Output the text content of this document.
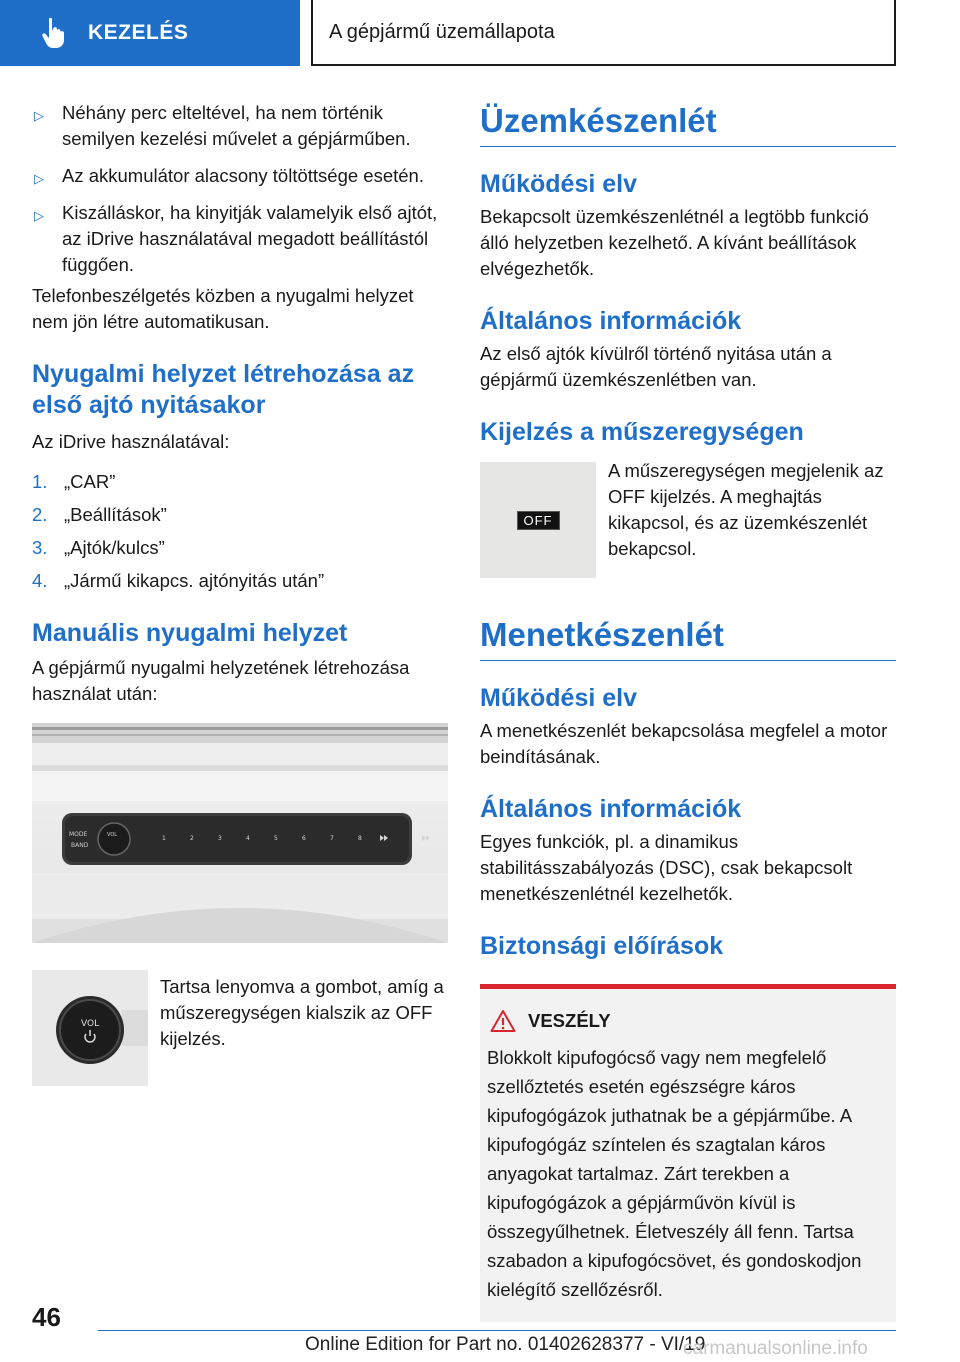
KEZELÉS	A gépjármű üzemállapota
▷ Néhány perc elteltével, ha nem történik semilyen kezelési művelet a gépjárműben.
▷ Az akkumulátor alacsony töltöttsége esetén.
▷ Kiszálláskor, ha kinyitják valamelyik első ajtót, az iDrive használatával megadott beállítástól függően.
Telefonbeszélgetés közben a nyugalmi helyzet nem jön létre automatikusan.
Nyugalmi helyzet létrehozása az első ajtó nyitásakor
Az iDrive használatával:
1. „CAR”
2. „Beállítások”
3. „Ajtók/kulcs”
4. „Jármű kikapcs. ajtónyitás után”
Manuális nyugalmi helyzet
A gépjármű nyugalmi helyzetének létrehozása használat után:
MODE
BAND
VOL	1	2	3	4	5	6	7	8
VOL
Tartsa lenyomva a gombot, amíg a műszeregységen kialszik az OFF kijelzés.
Üzemkészenlét
Működési elv
Bekapcsolt üzemkészenlétnél a legtöbb funkció álló helyzetben kezelhető. A kívánt beállítások elvégezhetők.
Általános információk
Az első ajtók kívülről történő nyitása után a gépjármű üzemkészenlétben van.
Kijelzés a műszeregységen
OFF
A műszeregységen megjelenik az OFF kijelzés. A meghajtás kikapcsol, és az üzemkészenlét bekapcsol.
Menetkészenlét
Működési elv
A menetkészenlét bekapcsolása megfelel a motor beindításának.
Általános információk
Egyes funkciók, pl. a dinamikus stabilitásszabályozás (DSC), csak bekapcsolt menetkészenlétnél kezelhetők.
Biztonsági előírások
VESZÉLY
Blokkolt kipufogócső vagy nem megfelelő szellőztetés esetén egészségre káros kipufogógázok juthatnak be a gépjárműbe. A kipufogógáz színtelen és szagtalan káros anyagokat tartalmaz. Zárt terekben a kipufogógázok a gépjárművön kívül is összegyűlhetnek. Életveszély áll fenn. Tartsa szabadon a kipufogócsövet, és gondoskodjon kielégítő szellőzésről.
46
Online Edition for Part no. 01402628377 - VI/19
carmanualsonline.info
